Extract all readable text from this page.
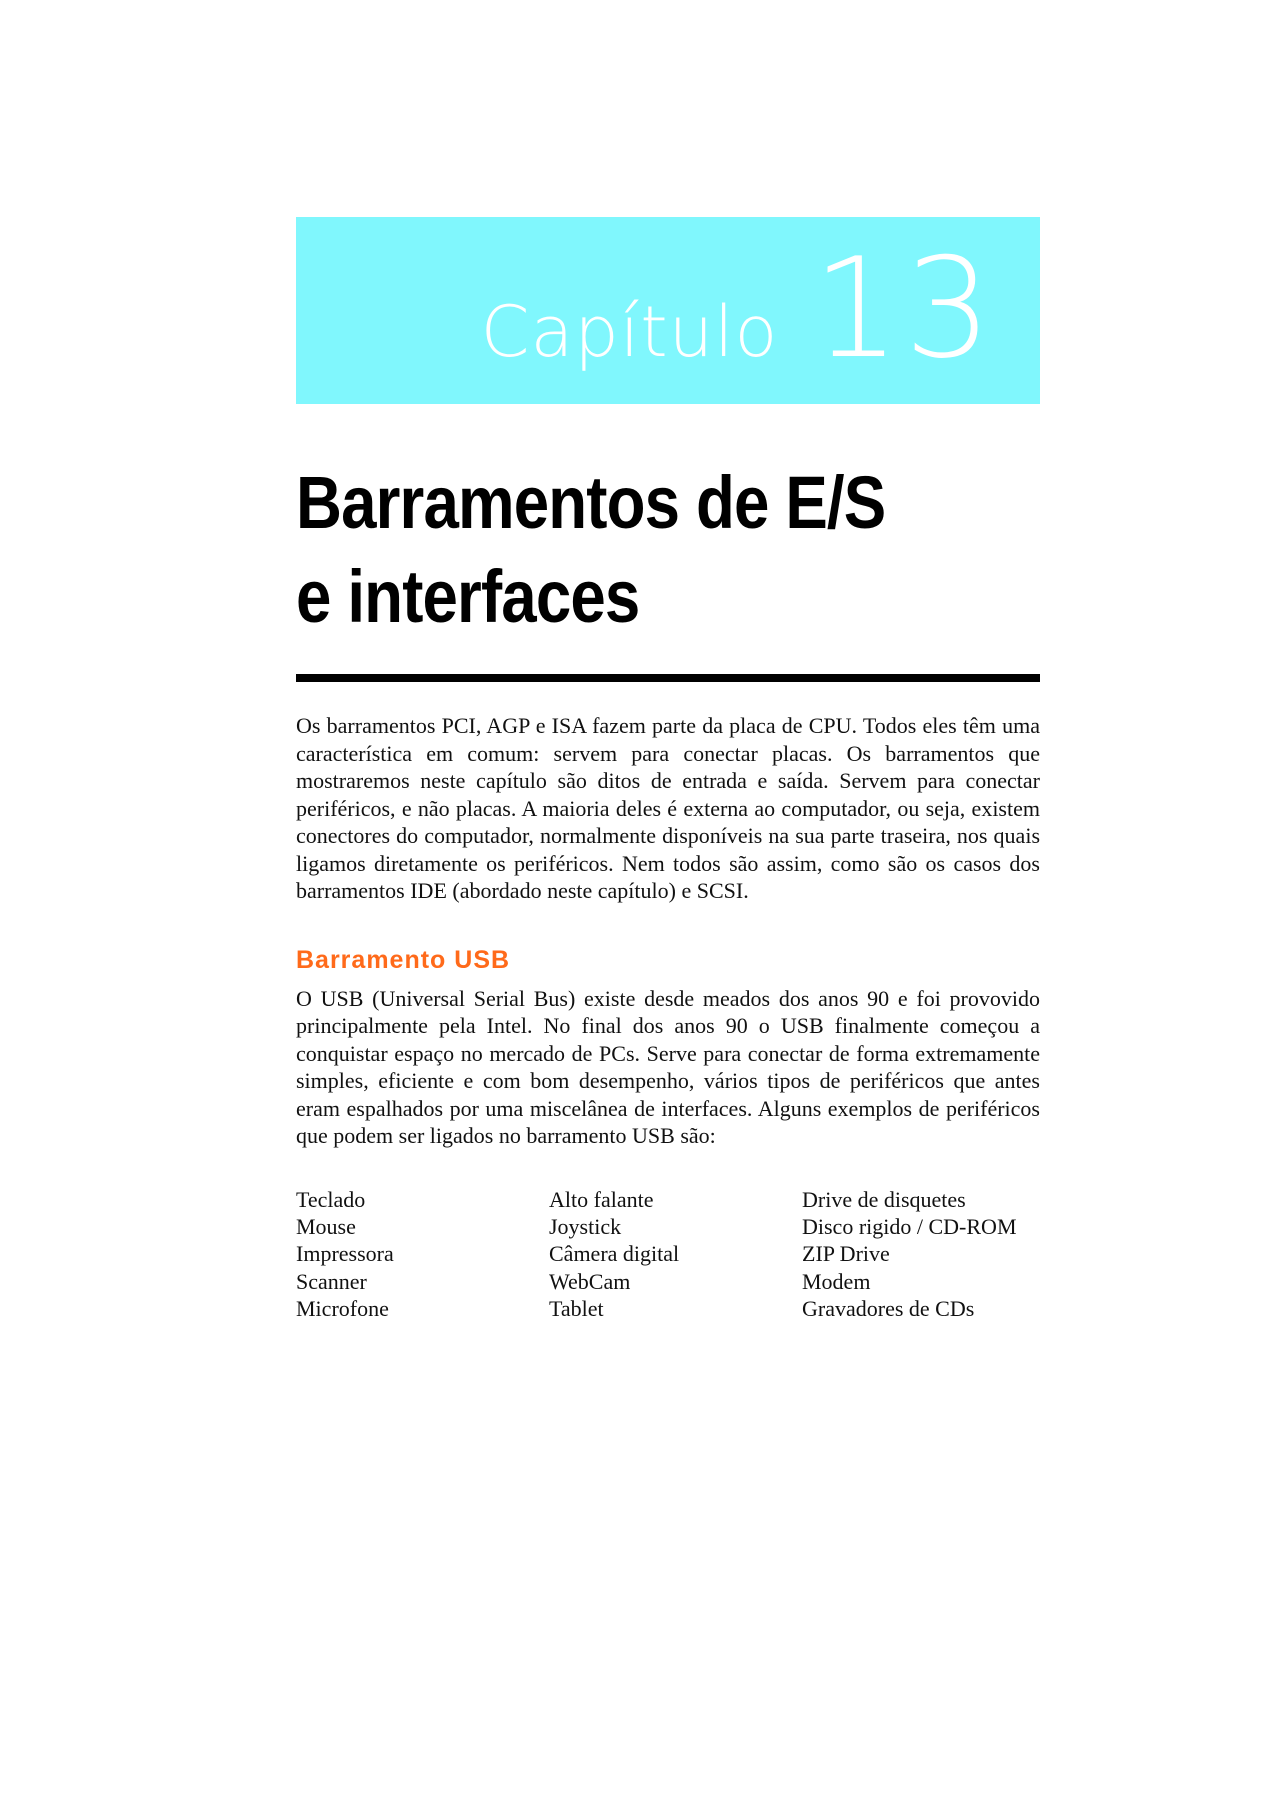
Capítulo 13
Barramentos de E/S
e interfaces

Os barramentos PCI, AGP e ISA fazem parte da placa de CPU. Todos eles têm uma característica em comum: servem para conectar placas. Os barramentos que mostraremos neste capítulo são ditos de entrada e saída. Servem para conectar periféricos, e não placas. A maioria deles é externa ao computador, ou seja, existem conectores do computador, normalmente disponíveis na sua parte traseira, nos quais ligamos diretamente os periféricos. Nem todos são assim, como são os casos dos barramentos IDE (abordado neste capítulo) e SCSI.

Barramento USB

O USB (Universal Serial Bus) existe desde meados dos anos 90 e foi provovido principalmente pela Intel. No final dos anos 90 o USB finalmente começou a conquistar espaço no mercado de PCs. Serve para conectar de forma extremamente simples, eficiente e com bom desempenho, vários tipos de periféricos que antes eram espalhados por uma miscelânea de interfaces. Alguns exemplos de periféricos que podem ser ligados no barramento USB são:

Teclado
Mouse
Impressora
Scanner
Microfone
Alto falante
Joystick
Câmera digital
WebCam
Tablet
Drive de disquetes
Disco rigido / CD-ROM
ZIP Drive
Modem
Gravadores de CDs
